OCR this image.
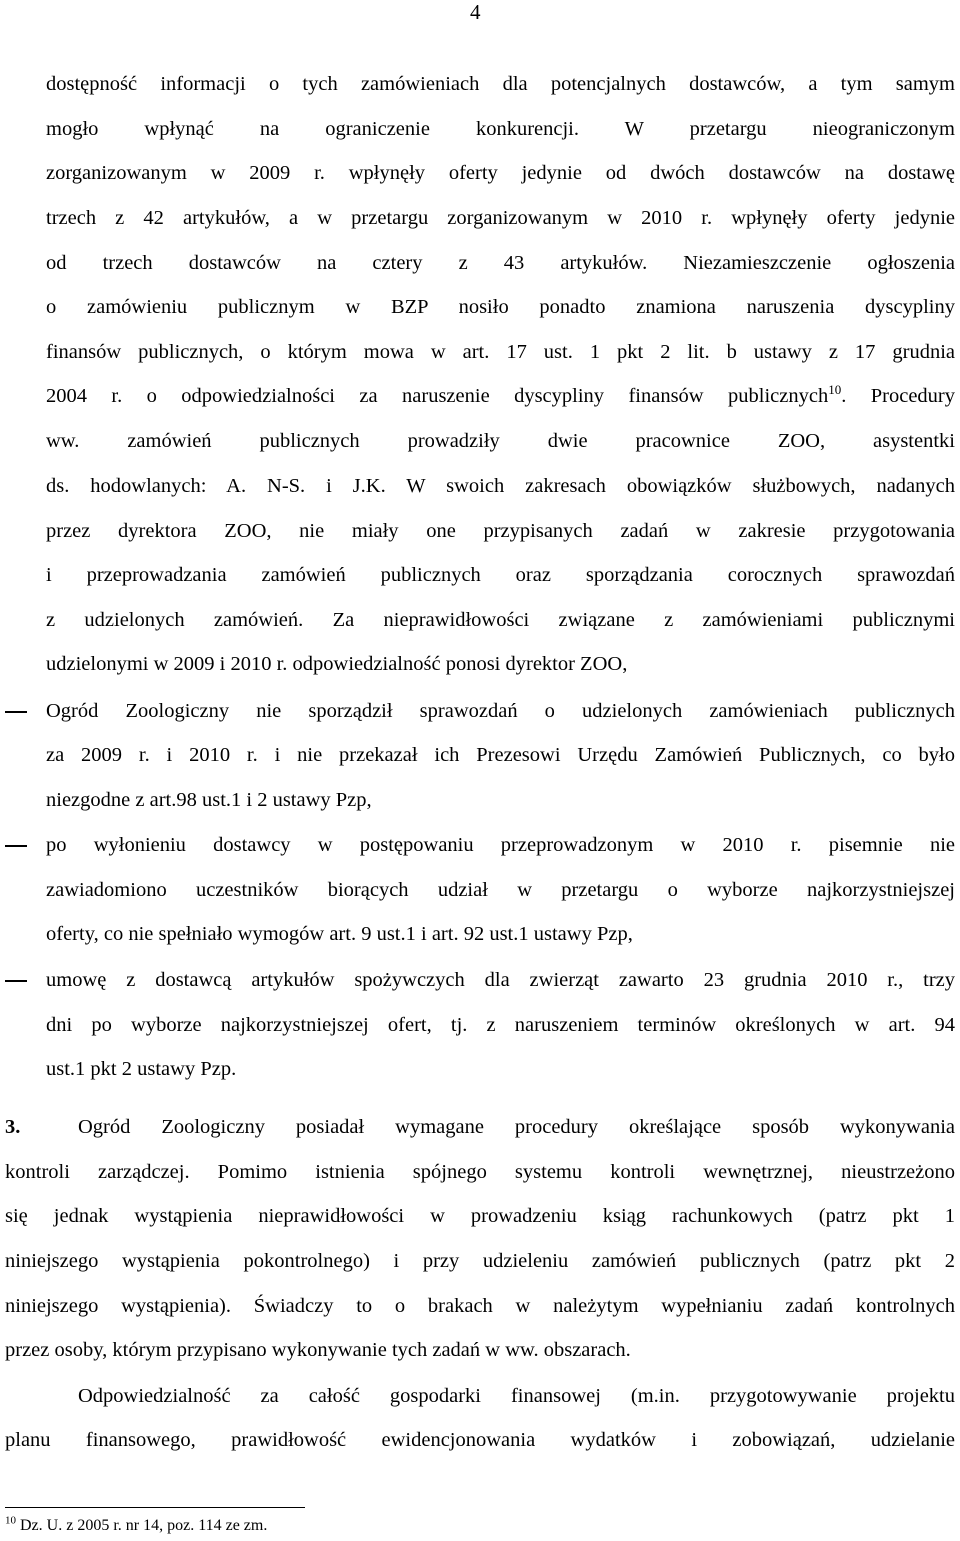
4
dostępność informacji o tych zamówieniach dla potencjalnych dostawców, a tym samym
mogło wpłynąć na ograniczenie konkurencji. W przetargu nieograniczonym
zorganizowanym w 2009 r. wpłynęły oferty jedynie od dwóch dostawców na dostawę
trzech z 42 artykułów, a w przetargu zorganizowanym w 2010 r. wpłynęły oferty jedynie
od trzech dostawców na cztery z 43 artykułów. Niezamieszczenie ogłoszenia
o zamówieniu publicznym w BZP nosiło ponadto znamiona naruszenia dyscypliny
finansów publicznych, o którym mowa w art. 17 ust. 1 pkt 2 lit. b ustawy z 17 grudnia
2004 r. o odpowiedzialności za naruszenie dyscypliny finansów publicznych$^{10}$. Procedury
ww. zamówień publicznych prowadziły dwie pracownice ZOO, asystentki
ds. hodowlanych: A. N-S. i J.K. W swoich zakresach obowiązków służbowych, nadanych
przez dyrektora ZOO, nie miały one przypisanych zadań w zakresie przygotowania
i przeprowadzania zamówień publicznych oraz sporządzania corocznych sprawozdań
z udzielonych zamówień. Za nieprawidłowości związane z zamówieniami publicznymi
udzielonymi w 2009 i 2010 r. odpowiedzialność ponosi dyrektor ZOO,
Ogród Zoologiczny nie sporządził sprawozdań o udzielonych zamówieniach publicznych
za 2009 r. i 2010 r. i nie przekazał ich Prezesowi Urzędu Zamówień Publicznych, co było
niezgodne z art.98 ust.1 i 2 ustawy Pzp,
po wyłonieniu dostawcy w postępowaniu przeprowadzonym w 2010 r. pisemnie nie
zawiadomiono uczestników biorących udział w przetargu o wyborze najkorzystniejszej
oferty, co nie spełniało wymogów art. 9 ust.1 i art. 92 ust.1 ustawy Pzp,
umowę z dostawcą artykułów spożywczych dla zwierząt zawarto 23 grudnia 2010 r., trzy
dni po wyborze najkorzystniejszej ofert, tj. z naruszeniem terminów określonych w art. 94
ust.1 pkt 2 ustawy Pzp.
3.	Ogród Zoologiczny posiadał wymagane procedury określające sposób wykonywania
kontroli zarządczej. Pomimo istnienia spójnego systemu kontroli wewnętrznej, nieustrzeżono
się jednak wystąpienia nieprawidłowości w prowadzeniu ksiąg rachunkowych (patrz pkt 1
niniejszego wystąpienia pokontrolnego) i przy udzieleniu zamówień publicznych (patrz pkt 2
niniejszego wystąpienia). Świadczy to o brakach w należytym wypełnianiu zadań kontrolnych
przez osoby, którym przypisano wykonywanie tych zadań w ww. obszarach.
Odpowiedzialność za całość gospodarki finansowej (m.in. przygotowywanie projektu
planu finansowego, prawidłowość ewidencjonowania wydatków i zobowiązań, udzielanie
$^{10}$ Dz. U. z 2005 r. nr 14, poz. 114 ze zm.
